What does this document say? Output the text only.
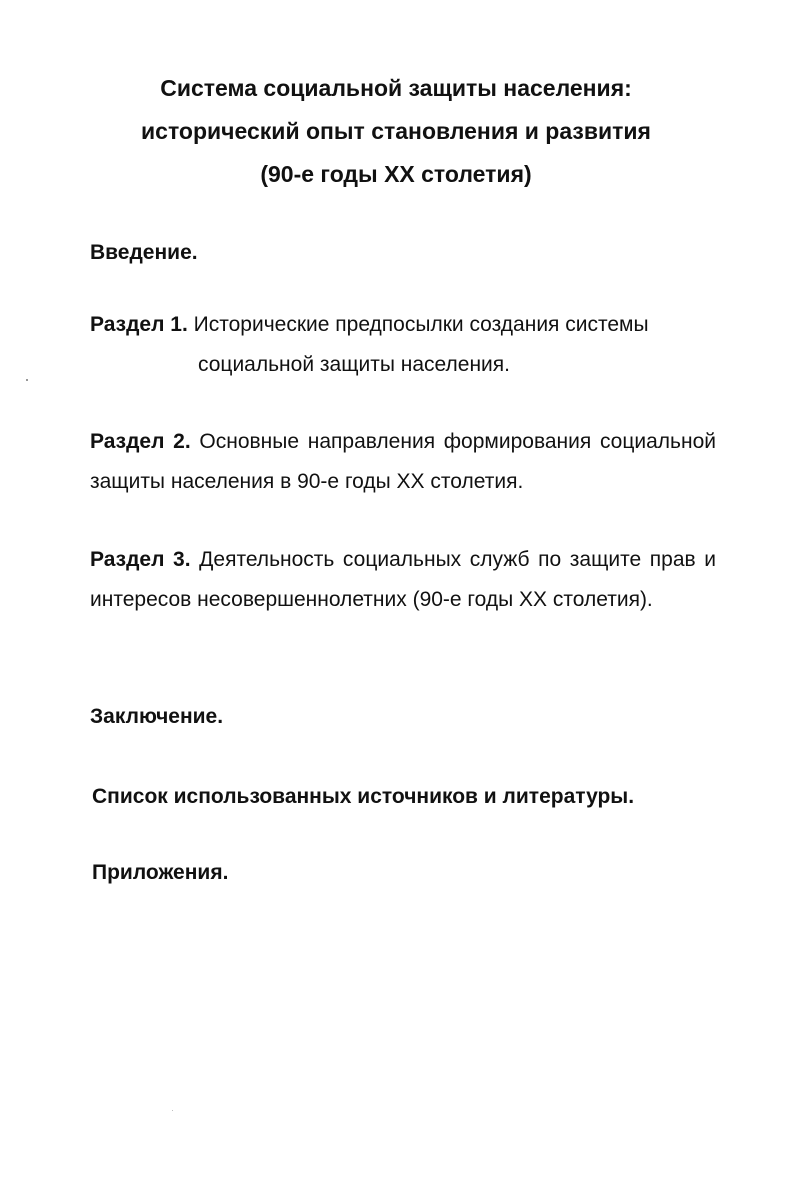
Система социальной защиты населения:
исторический опыт становления и развития
(90-е годы XX столетия)
Введение.
Раздел 1. Исторические предпосылки создания системы
социальной защиты населения.
Раздел 2. Основные направления формирования социальной защиты населения в 90-е годы XX столетия.
Раздел 3. Деятельность социальных служб по защите прав и интересов несовершеннолетних (90-е годы XX столетия).
Заключение.
Список использованных источников и литературы.
Приложения.
